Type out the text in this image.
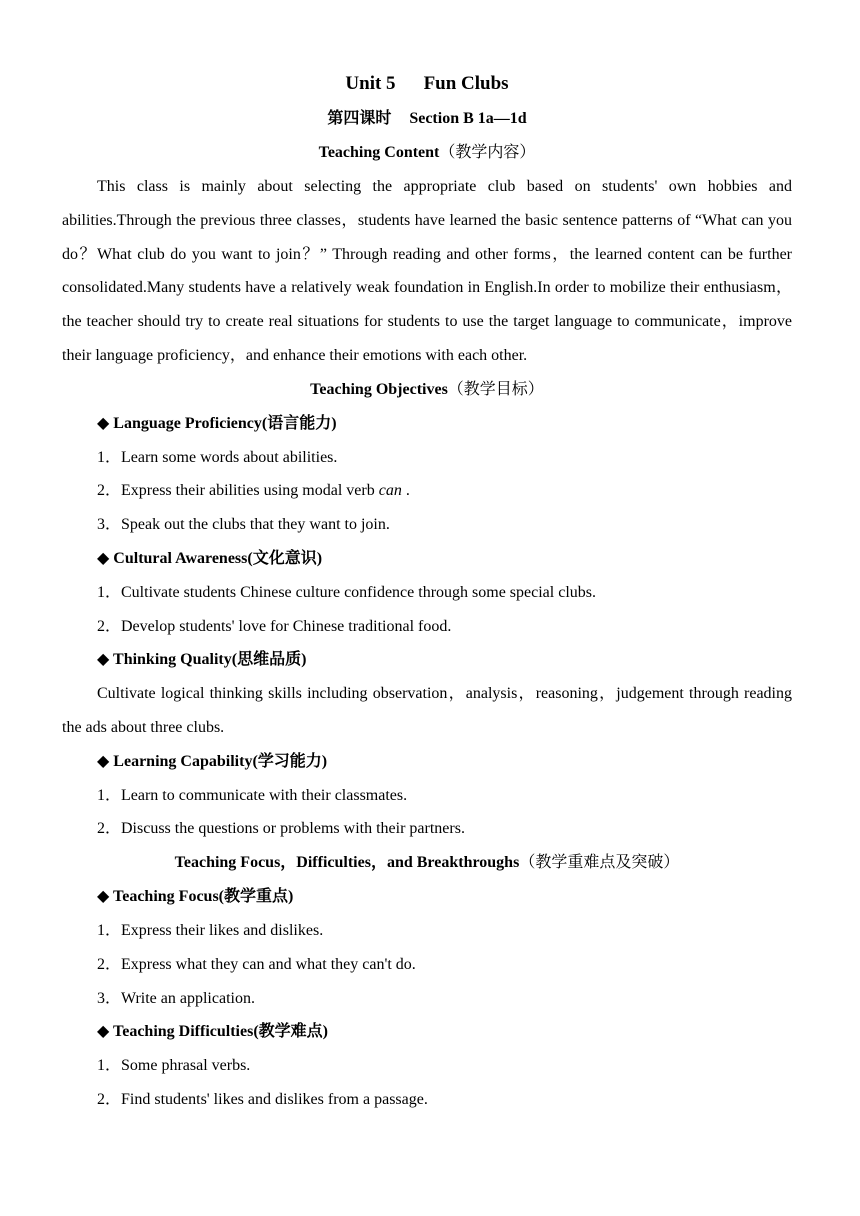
Unit 5 Fun Clubs
第四课时 Section B 1a—1d
Teaching Content（教学内容）

This class is mainly about selecting the appropriate club based on students' own hobbies and abilities.Through the previous three classes，students have learned the basic sentence patterns of “What can you do？What club do you want to join？” Through reading and other forms，the learned content can be further consolidated.Many students have a relatively weak foundation in English.In order to mobilize their enthusiasm， the teacher should try to create real situations for students to use the target language to communicate，improve their language proficiency，and enhance their emotions with each other.

Teaching Objectives（教学目标）
◆ Language Proficiency(语言能力)
1．Learn some words about abilities.
2．Express their abilities using modal verb can .
3．Speak out the clubs that they want to join.
◆ Cultural Awareness(文化意识)
1．Cultivate students Chinese culture confidence through some special clubs.
2．Develop students' love for Chinese traditional food.
◆ Thinking Quality(思维品质)

Cultivate logical thinking skills including observation，analysis，reasoning，judgement through reading the ads about three clubs.

◆ Learning Capability(学习能力)
1．Learn to communicate with their classmates.
2．Discuss the questions or problems with their partners.
Teaching Focus，Difficulties，and Breakthroughs（教学重难点及突破）
◆ Teaching Focus(教学重点)
1．Express their likes and dislikes.
2．Express what they can and what they can't do.
3．Write an application.
◆ Teaching Difficulties(教学难点)
1．Some phrasal verbs.
2．Find students' likes and dislikes from a passage.
